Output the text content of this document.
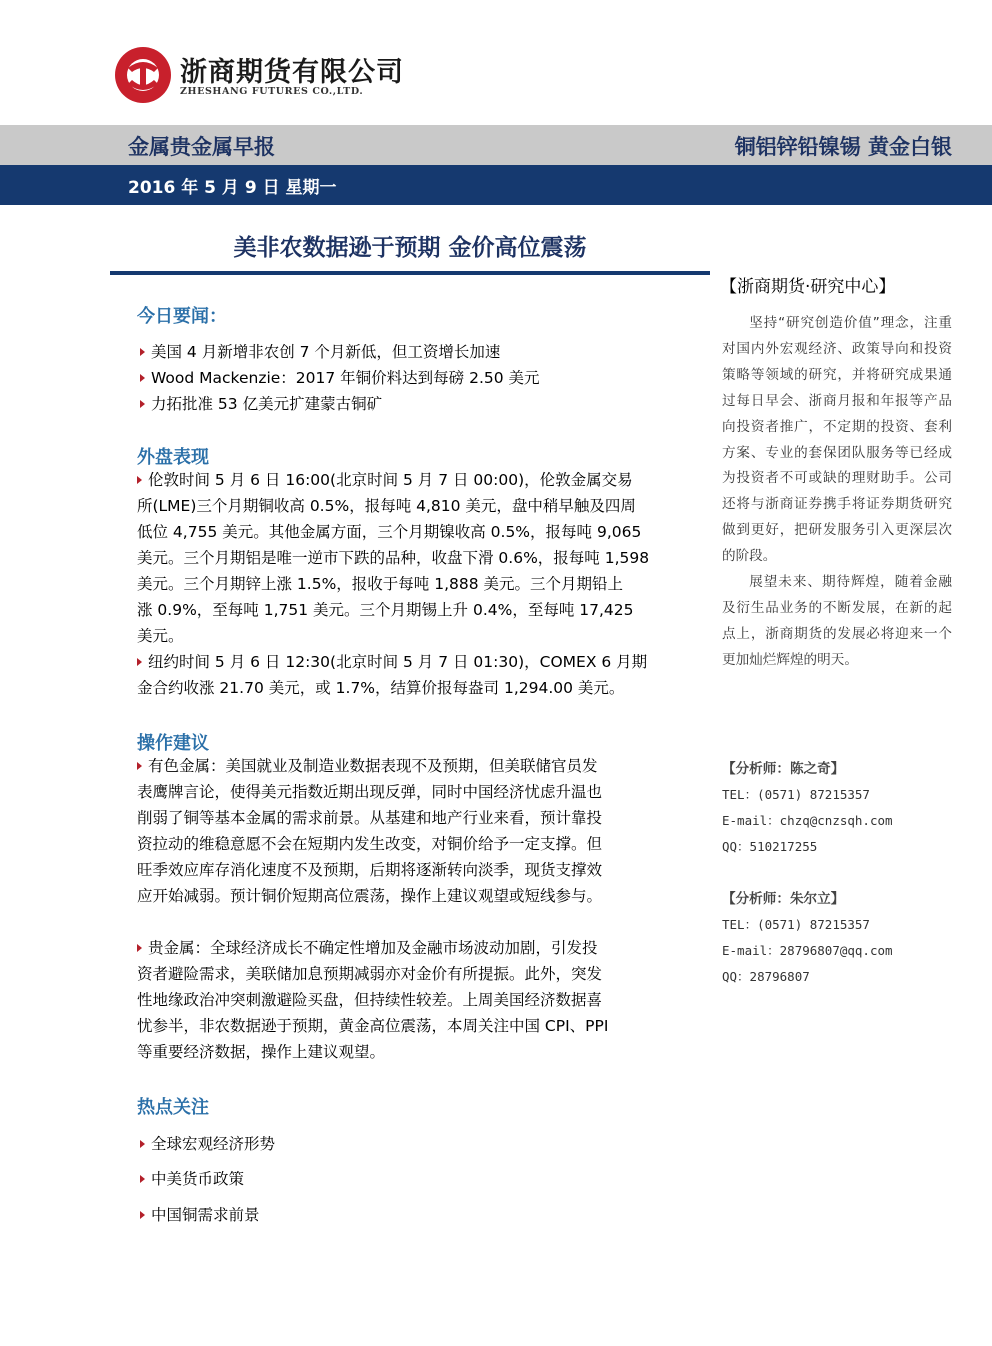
浙商期货有限公司
ZHESHANG FUTURES CO.,LTD.
金属贵金属早报	铜铝锌铅镍锡 黄金白银
2016 年 5 月 9 日 星期一
美非农数据逊于预期 金价高位震荡
今日要闻：
美国 4 月新增非农创 7 个月新低，但工资增长加速
Wood Mackenzie：2017 年铜价料达到每磅 2.50 美元
力拓批准 53 亿美元扩建蒙古铜矿
外盘表现
伦敦时间 5 月 6 日 16:00(北京时间 5 月 7 日 00:00)，伦敦金属交易
所(LME)三个月期铜收高 0.5%，报每吨 4,810 美元，盘中稍早触及四周
低位 4,755 美元。其他金属方面，三个月期镍收高 0.5%，报每吨 9,065
美元。三个月期铝是唯一逆市下跌的品种，收盘下滑 0.6%，报每吨 1,598
美元。三个月期锌上涨 1.5%，报收于每吨 1,888 美元。三个月期铅上
涨 0.9%，至每吨 1,751 美元。三个月期锡上升 0.4%，至每吨 17,425
美元。
纽约时间 5 月 6 日 12:30(北京时间 5 月 7 日 01:30)，COMEX 6 月期
金合约收涨 21.70 美元，或 1.7%，结算价报每盎司 1,294.00 美元。
操作建议
有色金属：美国就业及制造业数据表现不及预期，但美联储官员发
表鹰牌言论，使得美元指数近期出现反弹，同时中国经济忧虑升温也
削弱了铜等基本金属的需求前景。从基建和地产行业来看，预计靠投
资拉动的维稳意愿不会在短期内发生改变，对铜价给予一定支撑。但
旺季效应库存消化速度不及预期，后期将逐渐转向淡季，现货支撑效
应开始减弱。预计铜价短期高位震荡，操作上建议观望或短线参与。
贵金属：全球经济成长不确定性增加及金融市场波动加剧，引发投
资者避险需求，美联储加息预期减弱亦对金价有所提振。此外，突发
性地缘政治冲突刺激避险买盘，但持续性较差。上周美国经济数据喜
忧参半，非农数据逊于预期，黄金高位震荡，本周关注中国 CPI、PPI
等重要经济数据，操作上建议观望。
热点关注
全球宏观经济形势
中美货币政策
中国铜需求前景
【浙商期货·研究中心】

坚持“研究创造价值”理念，注重对国内外宏观经济、政策导向和投资策略等领域的研究，并将研究成果通过每日早会、浙商月报和年报等产品向投资者推广，不定期的投资、套利方案、专业的套保团队服务等已经成为投资者不可或缺的理财助手。公司还将与浙商证券携手将证券期货研究做到更好，把研发服务引入更深层次的阶段。

展望未来、期待辉煌，随着金融及衍生品业务的不断发展，在新的起点上，浙商期货的发展必将迎来一个更加灿烂辉煌的明天。

【分析师：陈之奇】
TEL：(0571) 87215357
E-mail：chzq@cnzsqh.com
QQ：510217255
【分析师：朱尔立】
TEL：(0571) 87215357
E-mail：28796807@qq.com
QQ：28796807
